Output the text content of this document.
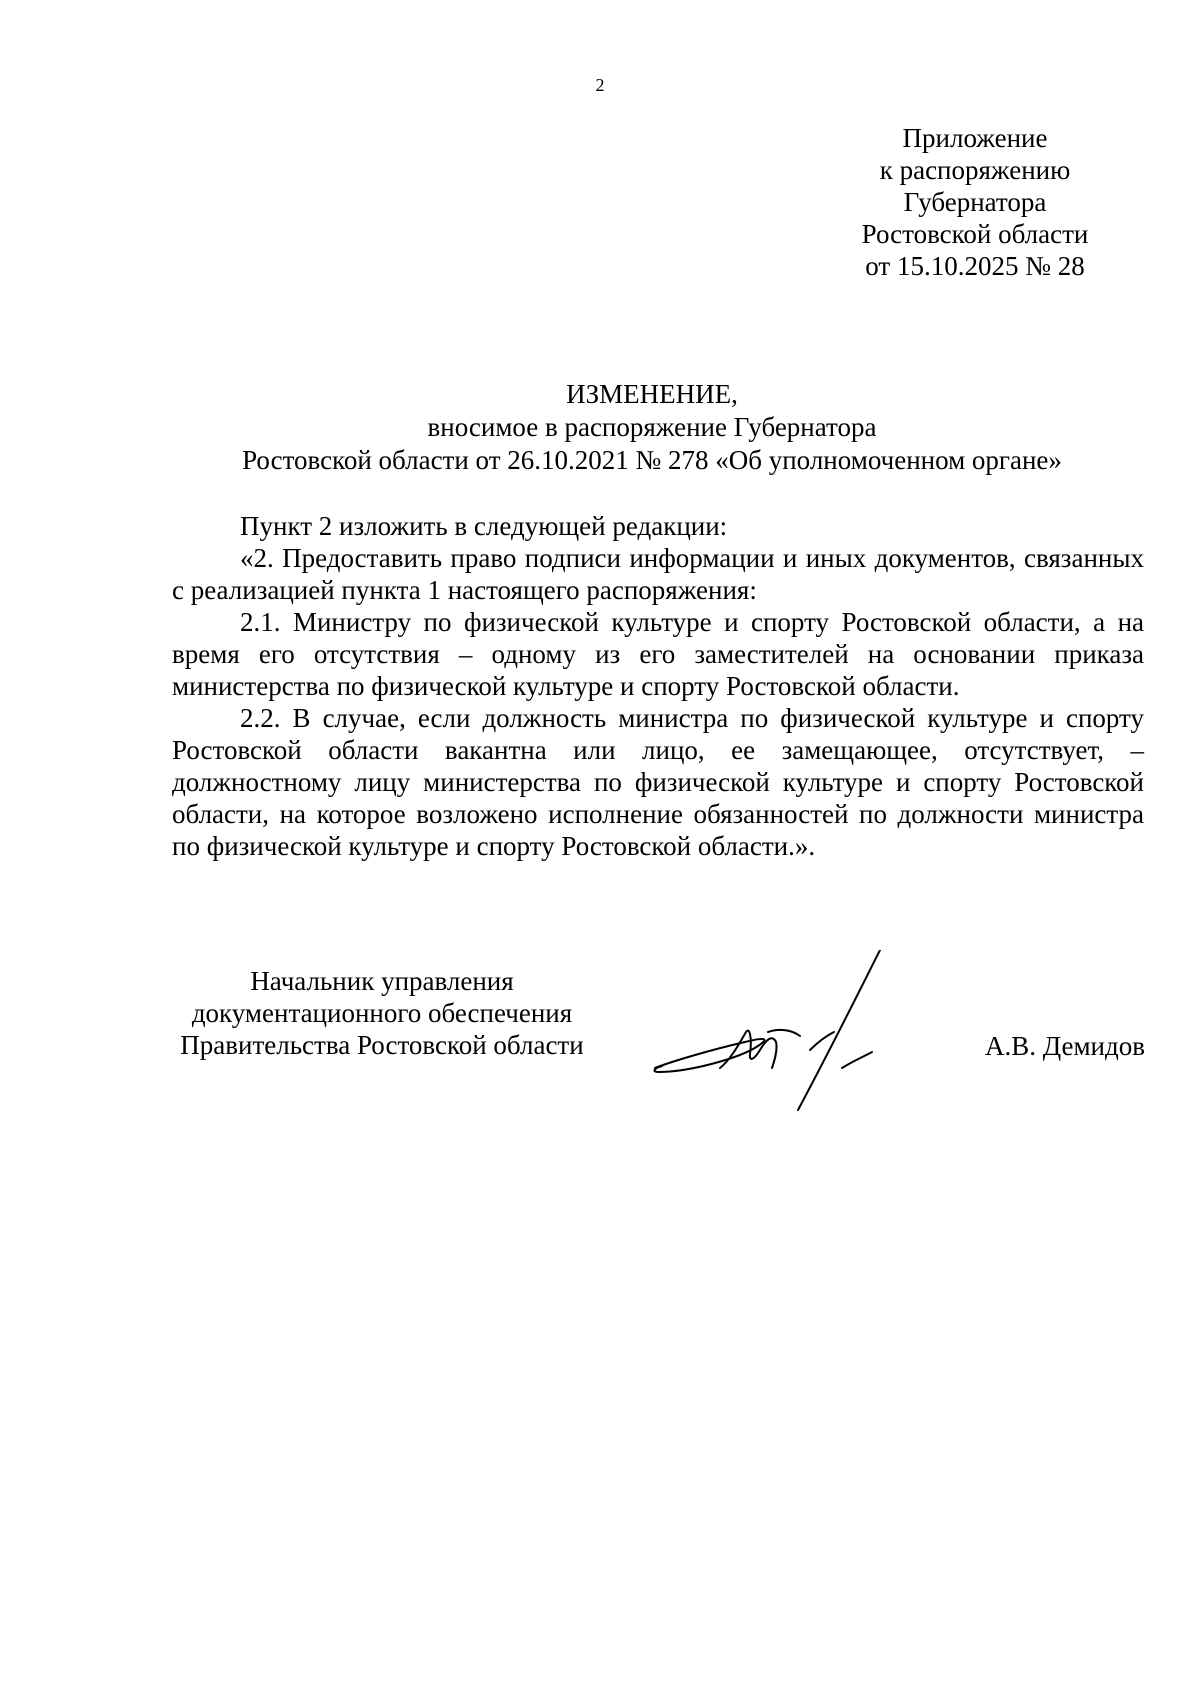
2
Приложение
к распоряжению
Губернатора
Ростовской области
от 15.10.2025 № 28
ИЗМЕНЕНИЕ,
вносимое в распоряжение Губернатора
Ростовской области от 26.10.2021 № 278 «Об уполномоченном органе»

Пункт 2 изложить в следующей редакции:

«2. Предоставить право подписи информации и иных документов, связанных с реализацией пункта 1 настоящего распоряжения:

2.1. Министру по физической культуре и спорту Ростовской области, а на время его отсутствия – одному из его заместителей на основании приказа министерства по физической культуре и спорту Ростовской области.

2.2. В случае, если должность министра по физической культуре и спорту Ростовской области вакантна или лицо, ее замещающее, отсутствует, – должностному лицу министерства по физической культуре и спорту Ростовской области, на которое возложено исполнение обязанностей по должности министра по физической культуре и спорту Ростовской области.».

Начальник управления
документационного обеспечения
Правительства Ростовской области	А.В. Демидов
